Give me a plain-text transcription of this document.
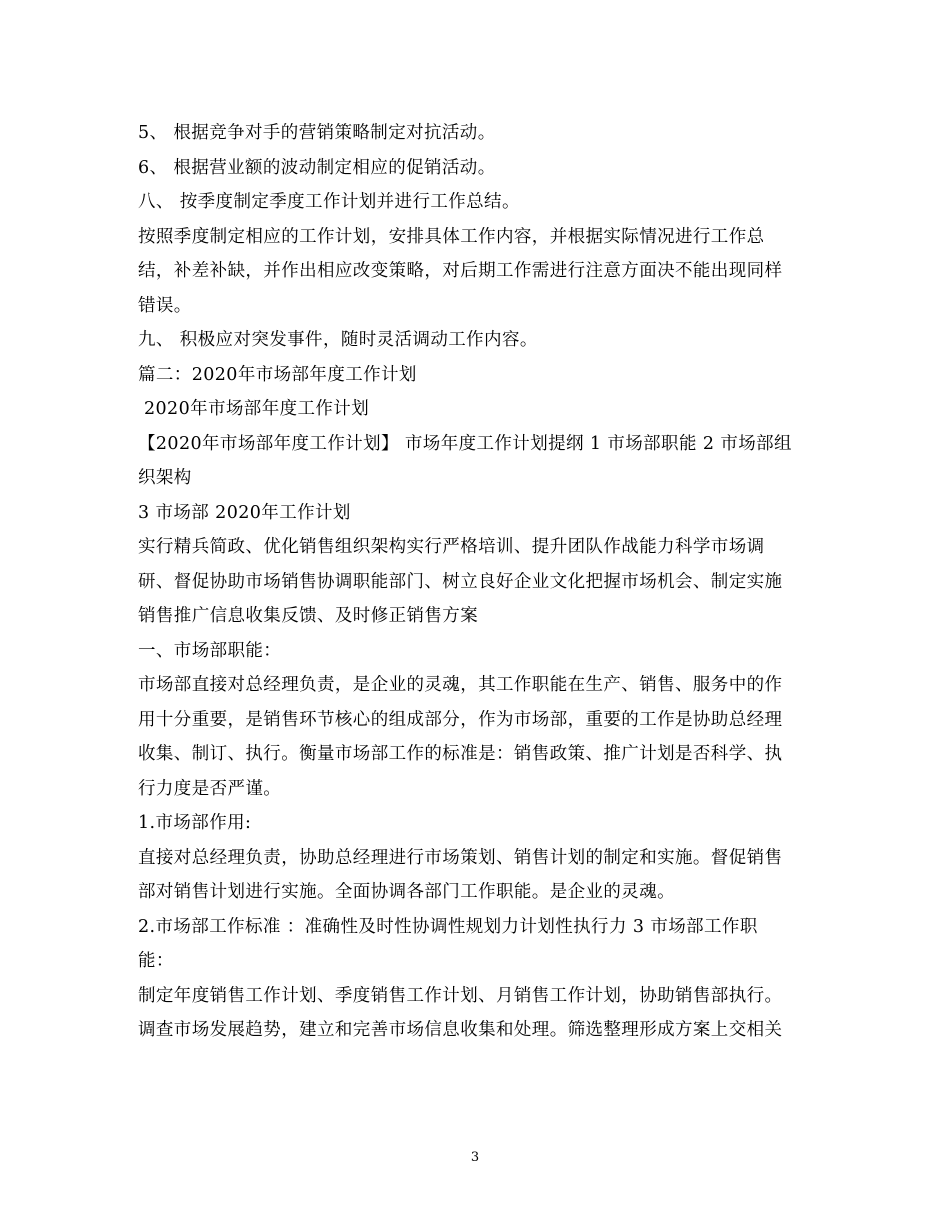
5、 根据竞争对手的营销策略制定对抗活动。

6、 根据营业额的波动制定相应的促销活动。

八、 按季度制定季度工作计划并进行工作总结。

按照季度制定相应的工作计划，安排具体工作内容，并根据实际情况进行工作总

结，补差补缺，并作出相应改变策略，对后期工作需进行注意方面决不能出现同样

错误。

九、 积极应对突发事件，随时灵活调动工作内容。

篇二：2020年市场部年度工作计划

2020年市场部年度工作计划

【2020年市场部年度工作计划】 市场年度工作计划提纲 1 市场部职能 2 市场部组

织架构

3 市场部 2020年工作计划

实行精兵简政、优化销售组织架构实行严格培训、提升团队作战能力科学市场调

研、督促协助市场销售协调职能部门、树立良好企业文化把握市场机会、制定实施

销售推广信息收集反馈、及时修正销售方案

一、市场部职能：

市场部直接对总经理负责，是企业的灵魂，其工作职能在生产、销售、服务中的作

用十分重要，是销售环节核心的组成部分，作为市场部，重要的工作是协助总经理

收集、制订、执行。衡量市场部工作的标准是：销售政策、推广计划是否科学、执

行力度是否严谨。

1.市场部作用:

直接对总经理负责，协助总经理进行市场策划、销售计划的制定和实施。督促销售

部对销售计划进行实施。全面协调各部门工作职能。是企业的灵魂。

2.市场部工作标准 ：准确性及时性协调性规划力计划性执行力 3 市场部工作职

能：

制定年度销售工作计划、季度销售工作计划、月销售工作计划，协助销售部执行。

调查市场发展趋势，建立和完善市场信息收集和处理。筛选整理形成方案上交相关

3
